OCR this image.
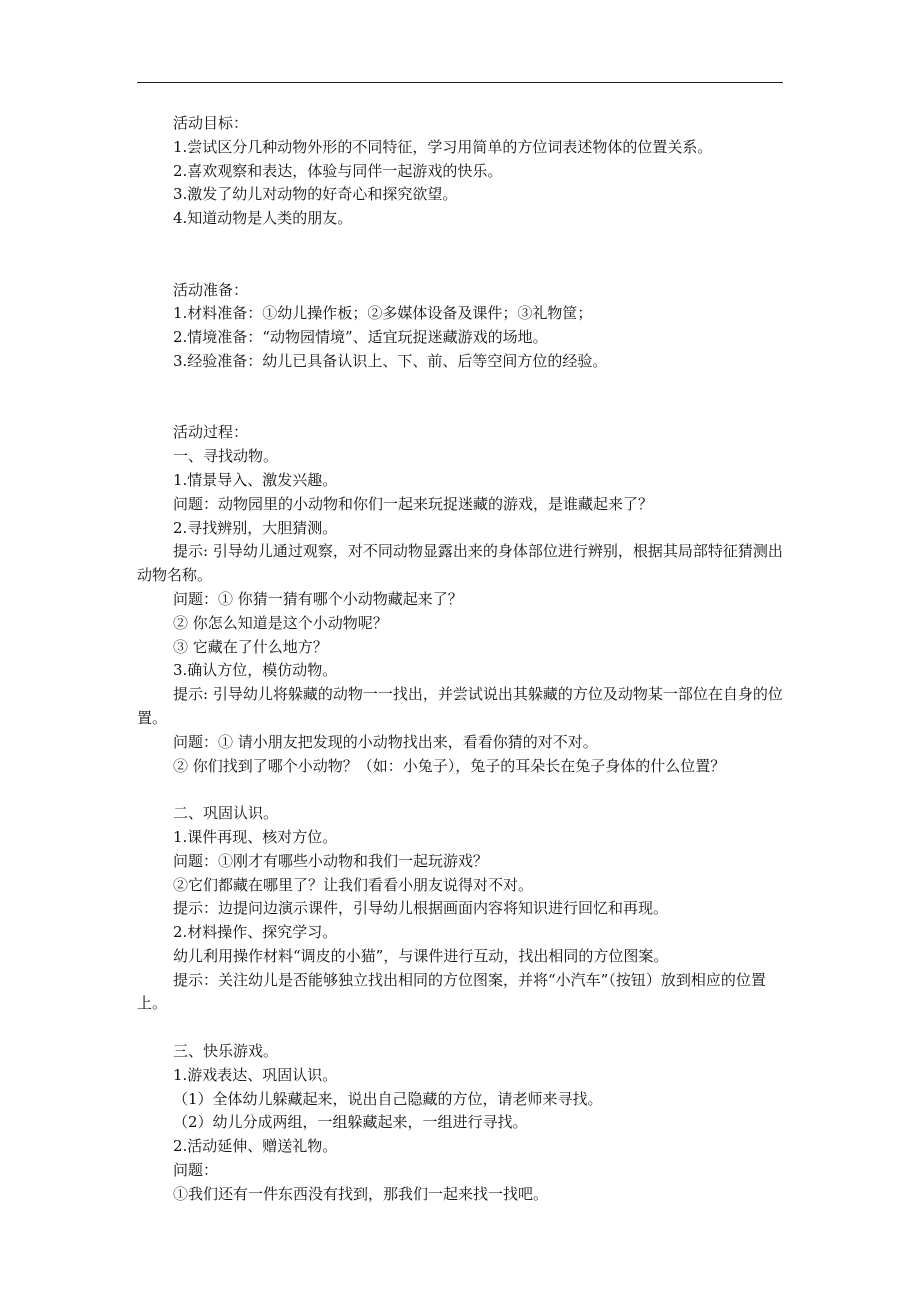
活动目标：
1.尝试区分几种动物外形的不同特征，学习用简单的方位词表述物体的位置关系。
2.喜欢观察和表达，体验与同伴一起游戏的快乐。
3.激发了幼儿对动物的好奇心和探究欲望。
4.知道动物是人类的朋友。
活动准备：
1.材料准备：①幼儿操作板；②多媒体设备及课件；③礼物筐；
2.情境准备：“动物园情境”、适宜玩捉迷藏游戏的场地。
3.经验准备：幼儿已具备认识上、下、前、后等空间方位的经验。
活动过程：
一、寻找动物。
1.情景导入、激发兴趣。
问题：动物园里的小动物和你们一起来玩捉迷藏的游戏，是谁藏起来了？
2.寻找辨别，大胆猜测。
提示: 引导幼儿通过观察，对不同动物显露出来的身体部位进行辨别，根据其局部特征猜测出动物名称。
问题：① 你猜一猜有哪个小动物藏起来了？
② 你怎么知道是这个小动物呢？
③ 它藏在了什么地方？
3.确认方位，模仿动物。
提示: 引导幼儿将躲藏的动物一一找出，并尝试说出其躲藏的方位及动物某一部位在自身的位置。
问题：① 请小朋友把发现的小动物找出来，看看你猜的对不对。
② 你们找到了哪个小动物？（如：小兔子），兔子的耳朵长在兔子身体的什么位置？
二、巩固认识。
1.课件再现、核对方位。
问题：①刚才有哪些小动物和我们一起玩游戏？
②它们都藏在哪里了？让我们看看小朋友说得对不对。
提示：边提问边演示课件，引导幼儿根据画面内容将知识进行回忆和再现。
2.材料操作、探究学习。
幼儿利用操作材料“调皮的小猫”，与课件进行互动，找出相同的方位图案。
提示：关注幼儿是否能够独立找出相同的方位图案，并将“小汽车”（按钮）放到相应的位置上。
三、快乐游戏。
1.游戏表达、巩固认识。
（1）全体幼儿躲藏起来，说出自己隐藏的方位，请老师来寻找。
（2）幼儿分成两组，一组躲藏起来，一组进行寻找。
2.活动延伸、赠送礼物。
问题：
①我们还有一件东西没有找到，那我们一起来找一找吧。
